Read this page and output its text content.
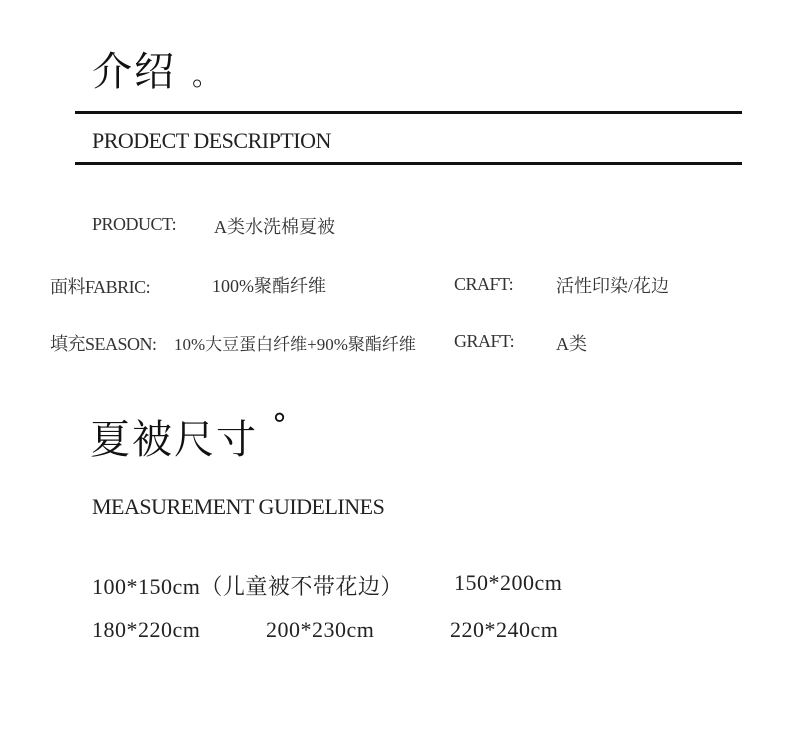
介绍 。
PRODECT DESCRIPTION
PRODUCT: A类水洗棉夏被
面料FABRIC:	100%聚酯纤维	CRAFT: 活性印染/花边
填充SEASON: 10%大豆蛋白纤维+90%聚酯纤维 GRAFT: A类
夏被尺寸 °
MEASUREMENT GUIDELINES
100*150cm（儿童被不带花边） 150*200cm
180*220cm	200*230cm	220*240cm
